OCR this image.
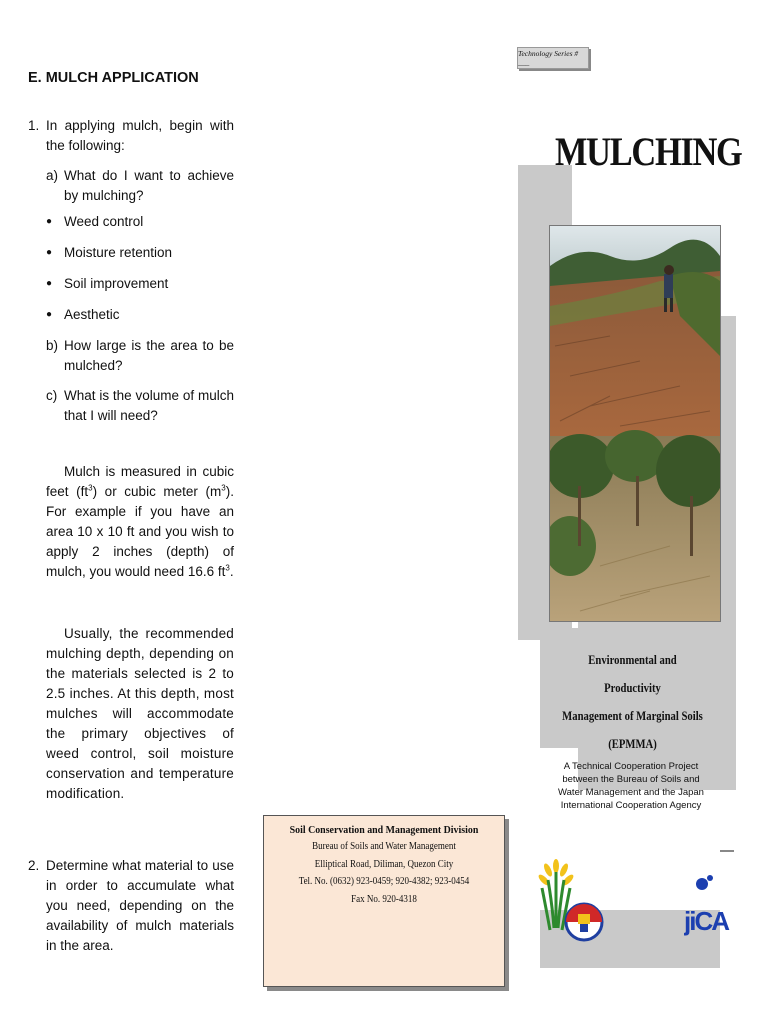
E. MULCH APPLICATION
1. In applying mulch, begin with the following:
a) What do I want to achieve by mulching?
● Weed control
● Moisture retention
● Soil improvement
● Aesthetic
b) How large is the area to be mulched?
c) What is the volume of mulch that I will need?
Mulch is measured in cubic feet $(ft^3)$ or cubic meter $(m^3)$. For example if you have an area 10 x 10 ft and you wish to apply 2 inches (depth) of mulch, you would need 16.6 $ft^3$.
Usually, the recommended mulching depth, depending on the materials selected is 2 to 2.5 inches. At this depth, most mulches will accommodate the primary objectives of weed control, soil moisture conservation and temperature modification.
2. Determine what material to use in order to accumulate what you need, depending on the availability of mulch materials in the area.
Technology Series # ___
MULCHING
Environmental and Productivity
Management of Marginal Soils
(EPMMA)
A Technical Cooperation Project
between the Bureau of Soils and
Water Management and the Japan
International Cooperation Agency
Soil Conservation and Management Division
Bureau of Soils and Water Management
Elliptical Road, Diliman, Quezon City
Tel. No. (0632) 923-0459; 920-4382; 923-0454
Fax No. 920-4318
jiCA
